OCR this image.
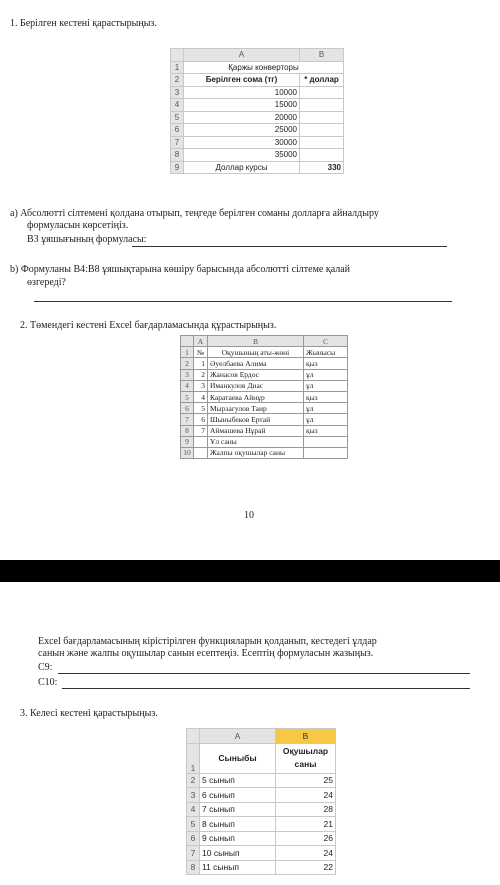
1. Берілген кестені қарастырыңыз.
	A	B
1	Қаржы конверторы	
2	Берілген сома (тг)	* доллар
3	10000	
4	15000	
5	20000	
6	25000	
7	30000	
8	35000	
9	Доллар курсы	330
a) Абсолютті сілтемені қолдана отырып, теңгеде берілген соманы долларға айналдыру
формуласын көрсетіңіз.
В3 ұяшығының формуласы:
b) Формуланы В4:В8 ұяшықтарына көшіру барысында абсолютті сілтеме қалай
өзгереді?
2. Төмендегі кестені Excel бағдарламасында құрастырыңыз.
	A	B	C
1	№	Оқушының аты-жөні	Жынысы
2	1	Әуелбаева Алима	қыз
3	2	Жанасов Ердос	ұл
4	3	Иманкулов Диас	ұл
5	4	Каратаева Айнұр	қыз
6	5	Мырзагулов Таир	ұл
7	6	Шыныбеков Ертай	ұл
8	7	Аймашева Нұрай	қыз
9		Ұл саны	
10		Жалпы оқушылар саны	
10
Excel бағдарламасының кірістірілген функцияларын қолданып, кестедегі ұлдар
санын және жалпы оқушылар санын есептеңіз. Есептің формуласын жазыңыз.
С9:
С10:
3. Келесі кестені қарастырыңыз.
	A	B
1	Сыныбы	Оқушылар саны
2	5 сынып	25
3	6 сынып	24
4	7 сынып	28
5	8 сынып	21
6	9 сынып	26
7	10 сынып	24
8	11 сынып	22
